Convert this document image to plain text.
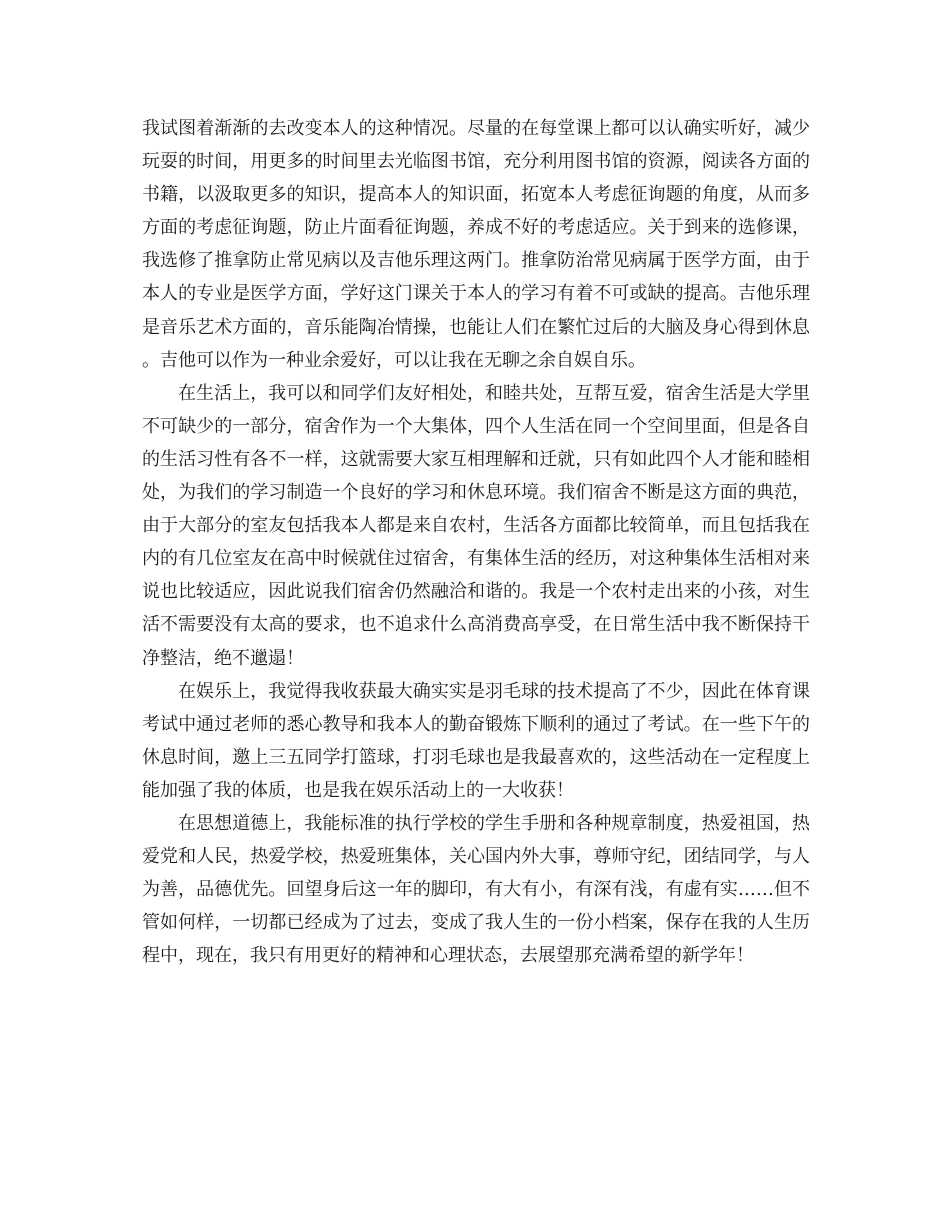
我试图着渐渐的去改变本人的这种情况。尽量的在每堂课上都可以认确实听好，减少玩耍的时间，用更多的时间里去光临图书馆，充分利用图书馆的资源，阅读各方面的书籍，以汲取更多的知识，提高本人的知识面，拓宽本人考虑征询题的角度，从而多方面的考虑征询题，防止片面看征询题，养成不好的考虑适应。关于到来的选修课，我选修了推拿防止常见病以及吉他乐理这两门。推拿防治常见病属于医学方面，由于本人的专业是医学方面，学好这门课关于本人的学习有着不可或缺的提高。吉他乐理是音乐艺术方面的，音乐能陶冶情操，也能让人们在繁忙过后的大脑及身心得到休息。吉他可以作为一种业余爱好，可以让我在无聊之余自娱自乐。

在生活上，我可以和同学们友好相处，和睦共处，互帮互爱，宿舍生活是大学里不可缺少的一部分，宿舍作为一个大集体，四个人生活在同一个空间里面，但是各自的生活习性有各不一样，这就需要大家互相理解和迁就，只有如此四个人才能和睦相处，为我们的学习制造一个良好的学习和休息环境。我们宿舍不断是这方面的典范，由于大部分的室友包括我本人都是来自农村，生活各方面都比较简单，而且包括我在内的有几位室友在高中时候就住过宿舍，有集体生活的经历，对这种集体生活相对来说也比较适应，因此说我们宿舍仍然融洽和谐的。我是一个农村走出来的小孩，对生活不需要没有太高的要求，也不追求什么高消费高享受，在日常生活中我不断保持干净整洁，绝不邋遢！

在娱乐上，我觉得我收获最大确实实是羽毛球的技术提高了不少，因此在体育课考试中通过老师的悉心教导和我本人的勤奋锻炼下顺利的通过了考试。在一些下午的休息时间，邀上三五同学打篮球，打羽毛球也是我最喜欢的，这些活动在一定程度上能加强了我的体质，也是我在娱乐活动上的一大收获！

在思想道德上，我能标准的执行学校的学生手册和各种规章制度，热爱祖国，热爱党和人民，热爱学校，热爱班集体，关心国内外大事，尊师守纪，团结同学，与人为善，品德优先。回望身后这一年的脚印，有大有小，有深有浅，有虚有实……但不管如何样，一切都已经成为了过去，变成了我人生的一份小档案，保存在我的人生历程中，现在，我只有用更好的精神和心理状态，去展望那充满希望的新学年！
